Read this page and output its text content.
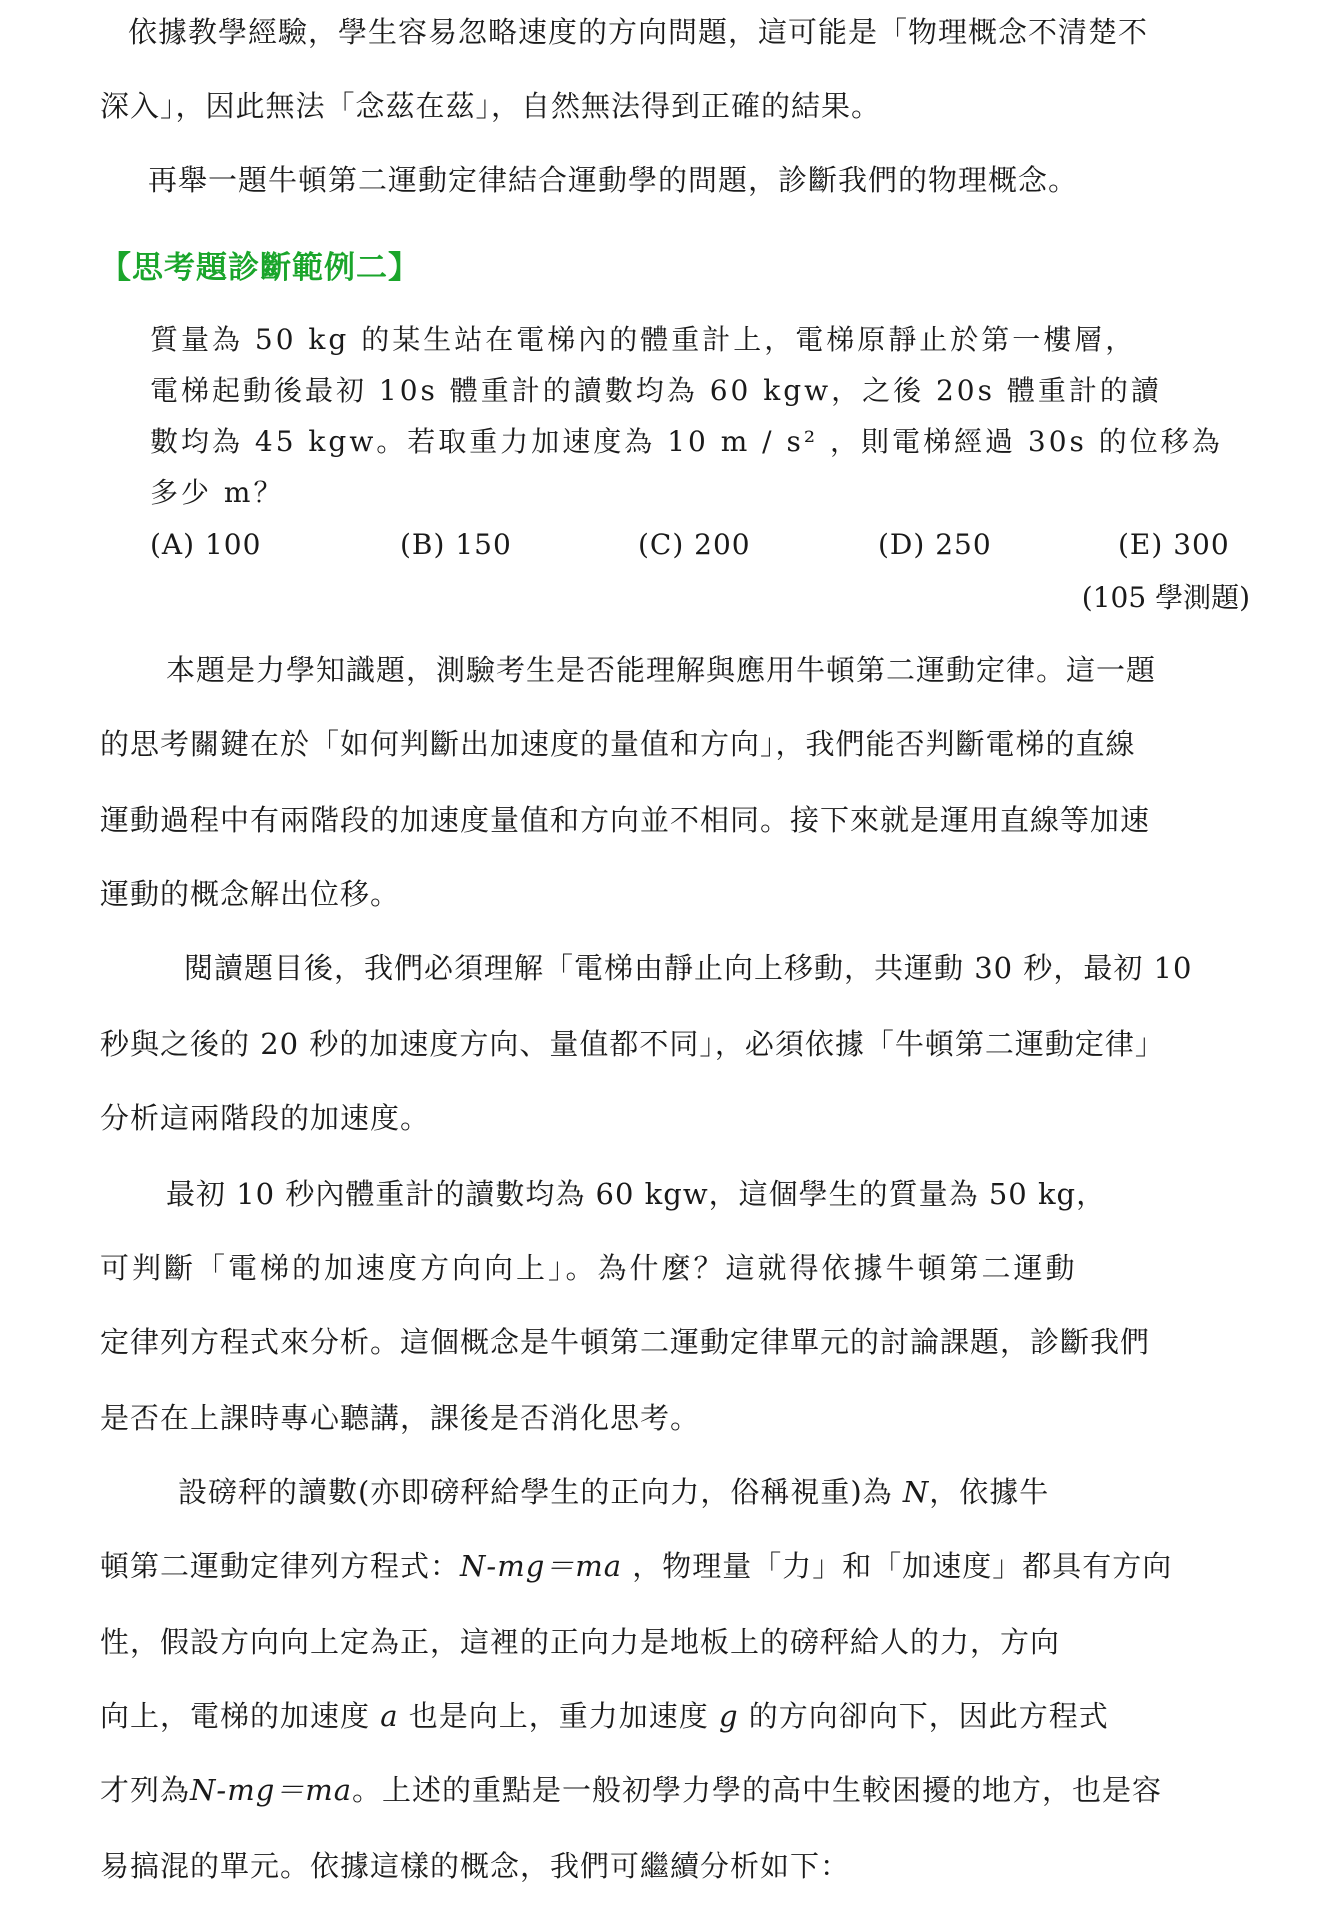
依據教學經驗，學生容易忽略速度的方向問題，這可能是「物理概念不清楚不
深入」，因此無法「念茲在茲」，自然無法得到正確的結果。
再舉一題牛頓第二運動定律結合運動學的問題，診斷我們的物理概念。
【思考題診斷範例二】
質量為 50 kg 的某生站在電梯內的體重計上，電梯原靜止於第一樓層，
電梯起動後最初 10s 體重計的讀數均為 60 kgw，之後 20s 體重計的讀
數均為 45 kgw。若取重力加速度為 10 m / s² ，則電梯經過 30s 的位移為
多少 m？
(A) 100	(B) 150	(C) 200	(D) 250	(E) 300
(105 學測題)
本題是力學知識題，測驗考生是否能理解與應用牛頓第二運動定律。這一題
的思考關鍵在於「如何判斷出加速度的量值和方向」，我們能否判斷電梯的直線
運動過程中有兩階段的加速度量值和方向並不相同。接下來就是運用直線等加速
運動的概念解出位移。
閱讀題目後，我們必須理解「電梯由靜止向上移動，共運動 30 秒，最初 10
秒與之後的 20 秒的加速度方向、量值都不同」，必須依據「牛頓第二運動定律」
分析這兩階段的加速度。
最初 10 秒內體重計的讀數均為 60 kgw，這個學生的質量為 50 kg，
可判斷「電梯的加速度方向向上」。為什麼？這就得依據牛頓第二運動
定律列方程式來分析。這個概念是牛頓第二運動定律單元的討論課題，診斷我們
是否在上課時專心聽講，課後是否消化思考。
設磅秤的讀數(亦即磅秤給學生的正向力，俗稱視重)為 N，依據牛
頓第二運動定律列方程式：N-mg＝ma ，物理量「力」和「加速度」都具有方向
性，假設方向向上定為正，這裡的正向力是地板上的磅秤給人的力，方向
向上，電梯的加速度 a 也是向上，重力加速度 g 的方向卻向下，因此方程式
才列為N-mg＝ma。上述的重點是一般初學力學的高中生較困擾的地方，也是容
易搞混的單元。依據這樣的概念，我們可繼續分析如下：
